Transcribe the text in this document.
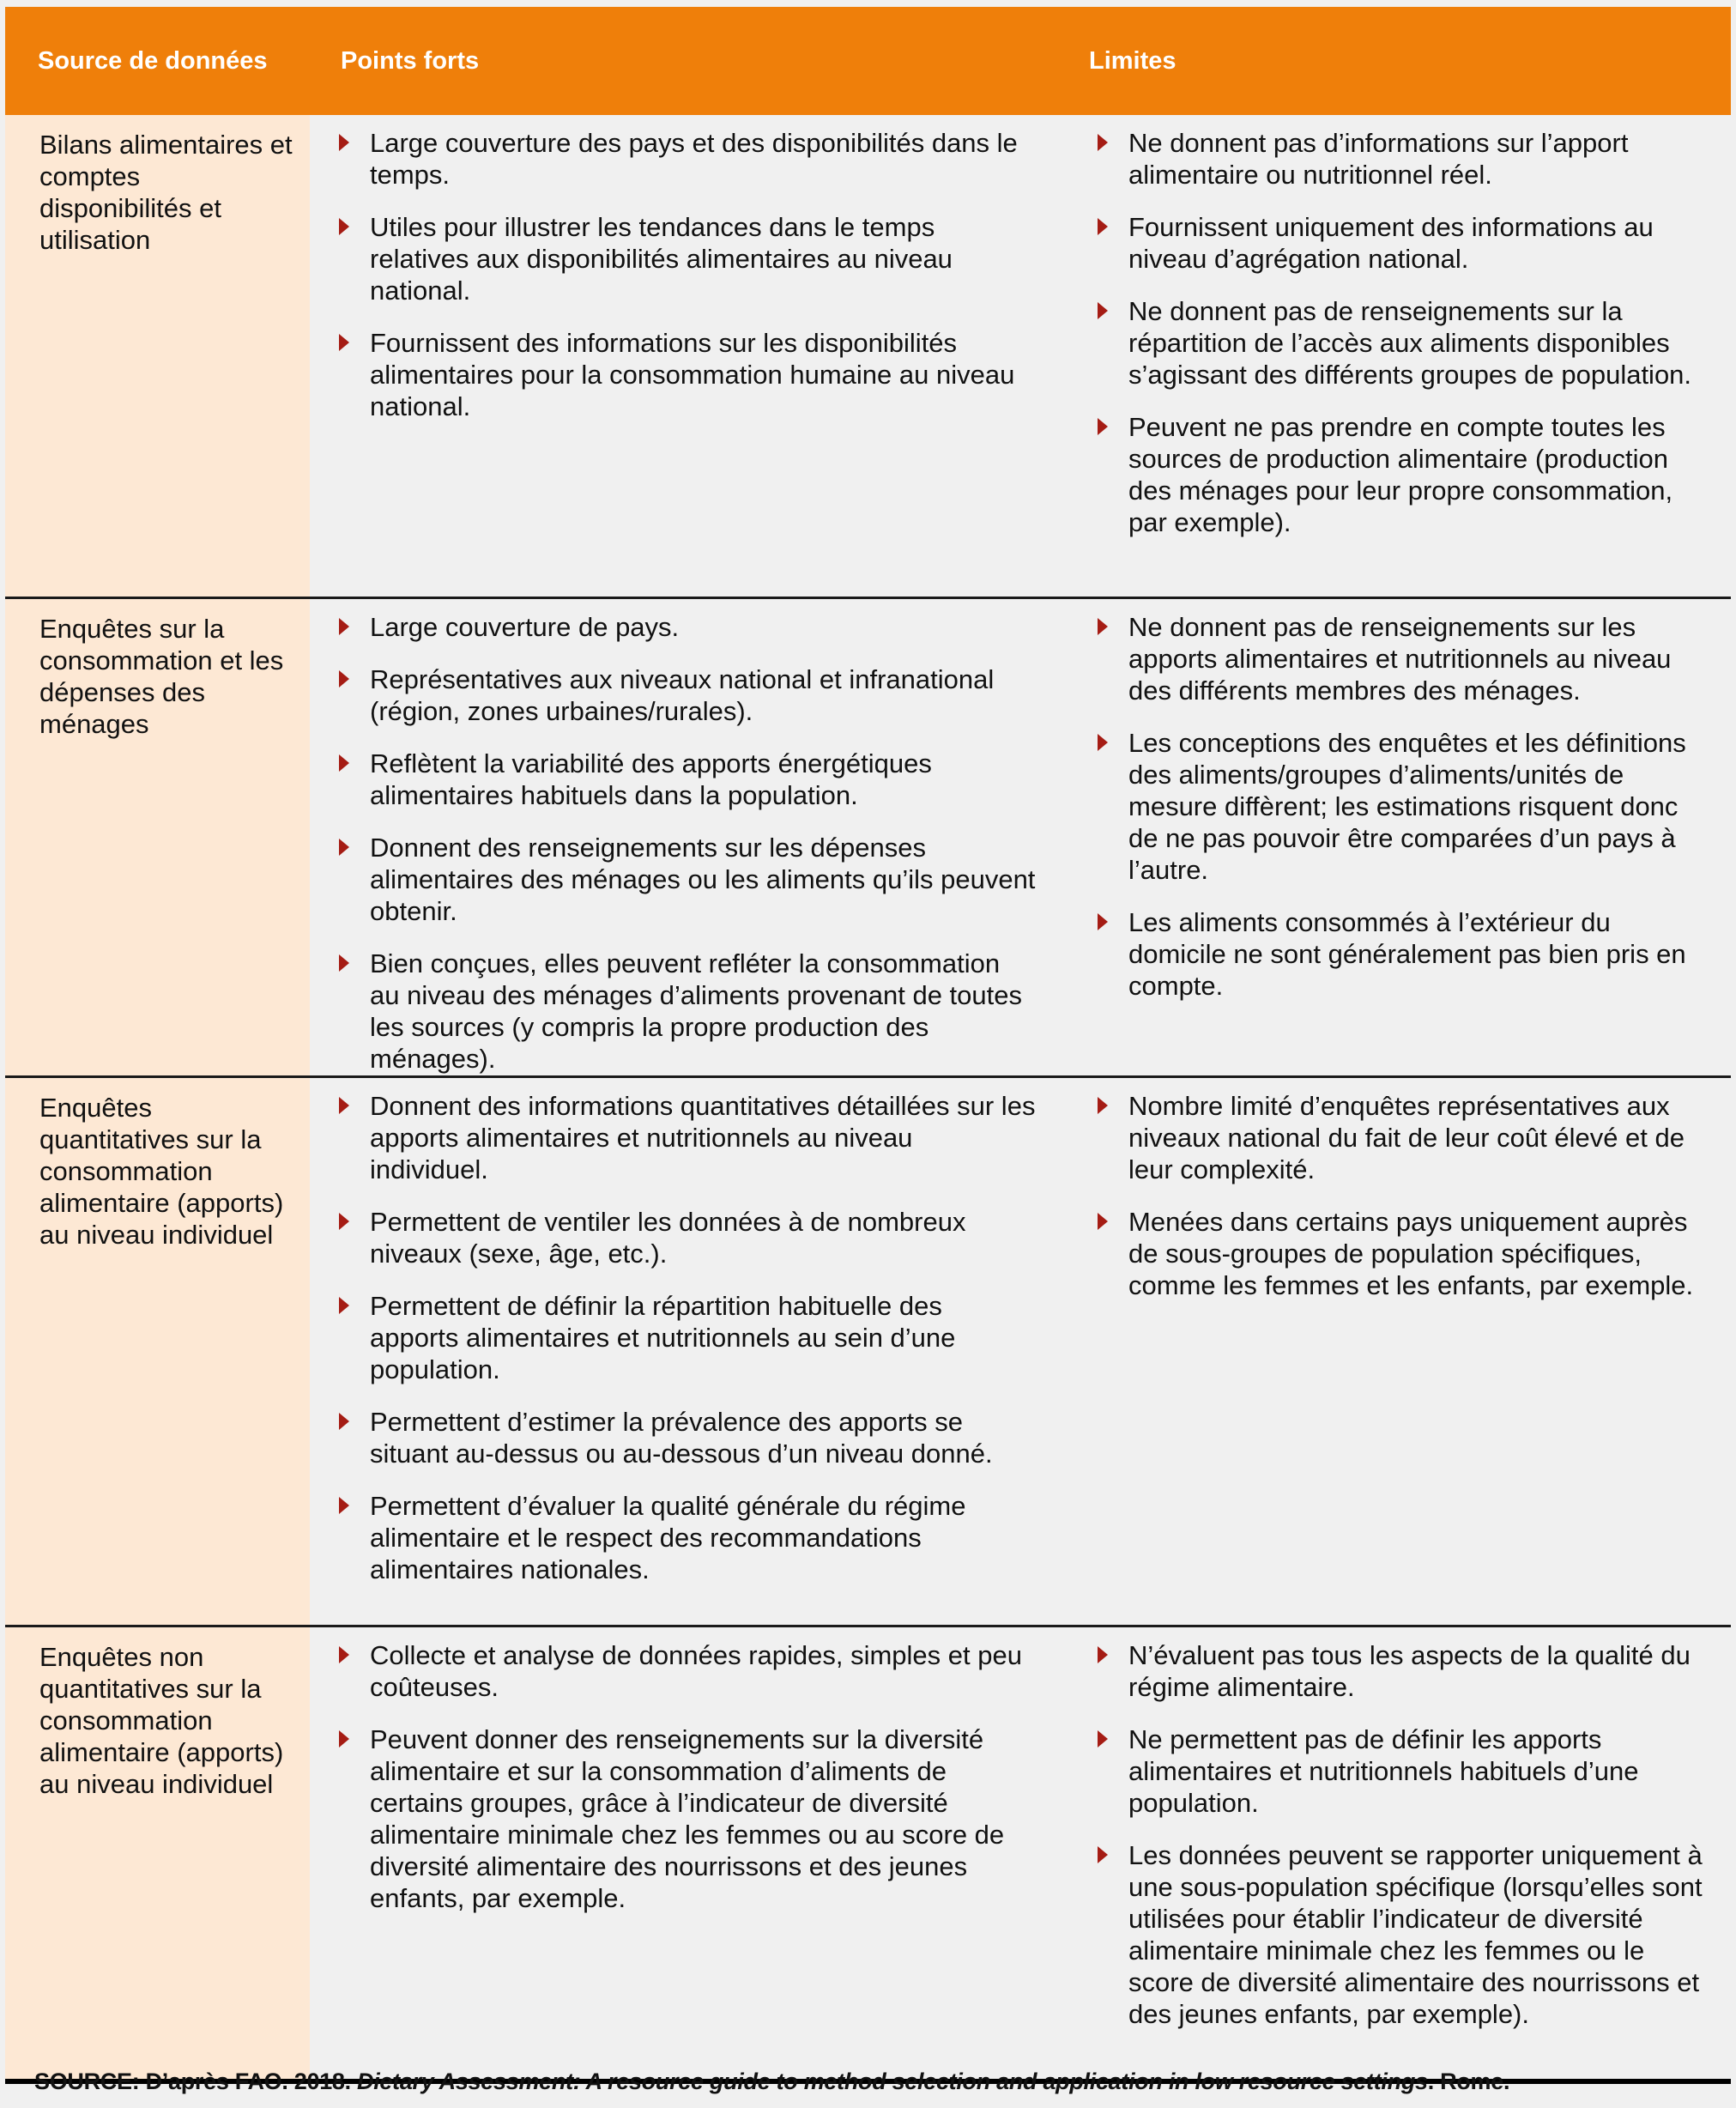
Source de données	Points forts	Limites
Bilans alimentaires et comptes disponibilités et utilisation
Large couverture des pays et des disponibilités dans le temps.
Utiles pour illustrer les tendances dans le temps relatives aux disponibilités alimentaires au niveau national.
Fournissent des informations sur les disponibilités alimentaires pour la consommation humaine au niveau national.
Ne donnent pas d’informations sur l’apport alimentaire ou nutritionnel réel.
Fournissent uniquement des informations au niveau d’agrégation national.
Ne donnent pas de renseignements sur la répartition de l’accès aux aliments disponibles s’agissant des différents groupes de population.
Peuvent ne pas prendre en compte toutes les sources de production alimentaire (production des ménages pour leur propre consommation, par exemple).
Enquêtes sur la consommation et les dépenses des ménages
Large couverture de pays.
Représentatives aux niveaux national et infranational (région, zones urbaines/rurales).
Reflètent la variabilité des apports énergétiques alimentaires habituels dans la population.
Donnent des renseignements sur les dépenses alimentaires des ménages ou les aliments qu’ils peuvent obtenir.
Bien conçues, elles peuvent refléter la consommation au niveau des ménages d’aliments provenant de toutes les sources (y compris la propre production des ménages).
Ne donnent pas de renseignements sur les apports alimentaires et nutritionnels au niveau des différents membres des ménages.
Les conceptions des enquêtes et les définitions des aliments/groupes d’aliments/unités de mesure diffèrent; les estimations risquent donc de ne pas pouvoir être comparées d’un pays à l’autre.
Les aliments consommés à l’extérieur du domicile ne sont généralement pas bien pris en compte.
Enquêtes quantitatives sur la consommation alimentaire (apports) au niveau individuel
Donnent des informations quantitatives détaillées sur les apports alimentaires et nutritionnels au niveau individuel.
Permettent de ventiler les données à de nombreux niveaux (sexe, âge, etc.).
Permettent de définir la répartition habituelle des apports alimentaires et nutritionnels au sein d’une population.
Permettent d’estimer la prévalence des apports se situant au-dessus ou au-dessous d’un niveau donné.
Permettent d’évaluer la qualité générale du régime alimentaire et le respect des recommandations alimentaires nationales.
Nombre limité d’enquêtes représentatives aux niveaux national du fait de leur coût élevé et de leur complexité.
Menées dans certains pays uniquement auprès de sous-groupes de population spécifiques, comme les femmes et les enfants, par exemple.
Enquêtes non quantitatives sur la consommation alimentaire (apports) au niveau individuel
Collecte et analyse de données rapides, simples et peu coûteuses.
Peuvent donner des renseignements sur la diversité alimentaire et sur la consommation d’aliments de certains groupes, grâce à l’indicateur de diversité alimentaire minimale chez les femmes ou au score de diversité alimentaire des nourrissons et des jeunes enfants, par exemple.
N’évaluent pas tous les aspects de la qualité du régime alimentaire.
Ne permettent pas de définir les apports alimentaires et nutritionnels habituels d’une population.
Les données peuvent se rapporter uniquement à une sous-population spécifique (lorsqu’elles sont utilisées pour établir l’indicateur de diversité alimentaire minimale chez les femmes ou le score de diversité alimentaire des nourrissons et des jeunes enfants, par exemple).
SOURCE: D’après FAO. 2018. Dietary Assessment: A resource guide to method selection and application in low resource settings. Rome.
